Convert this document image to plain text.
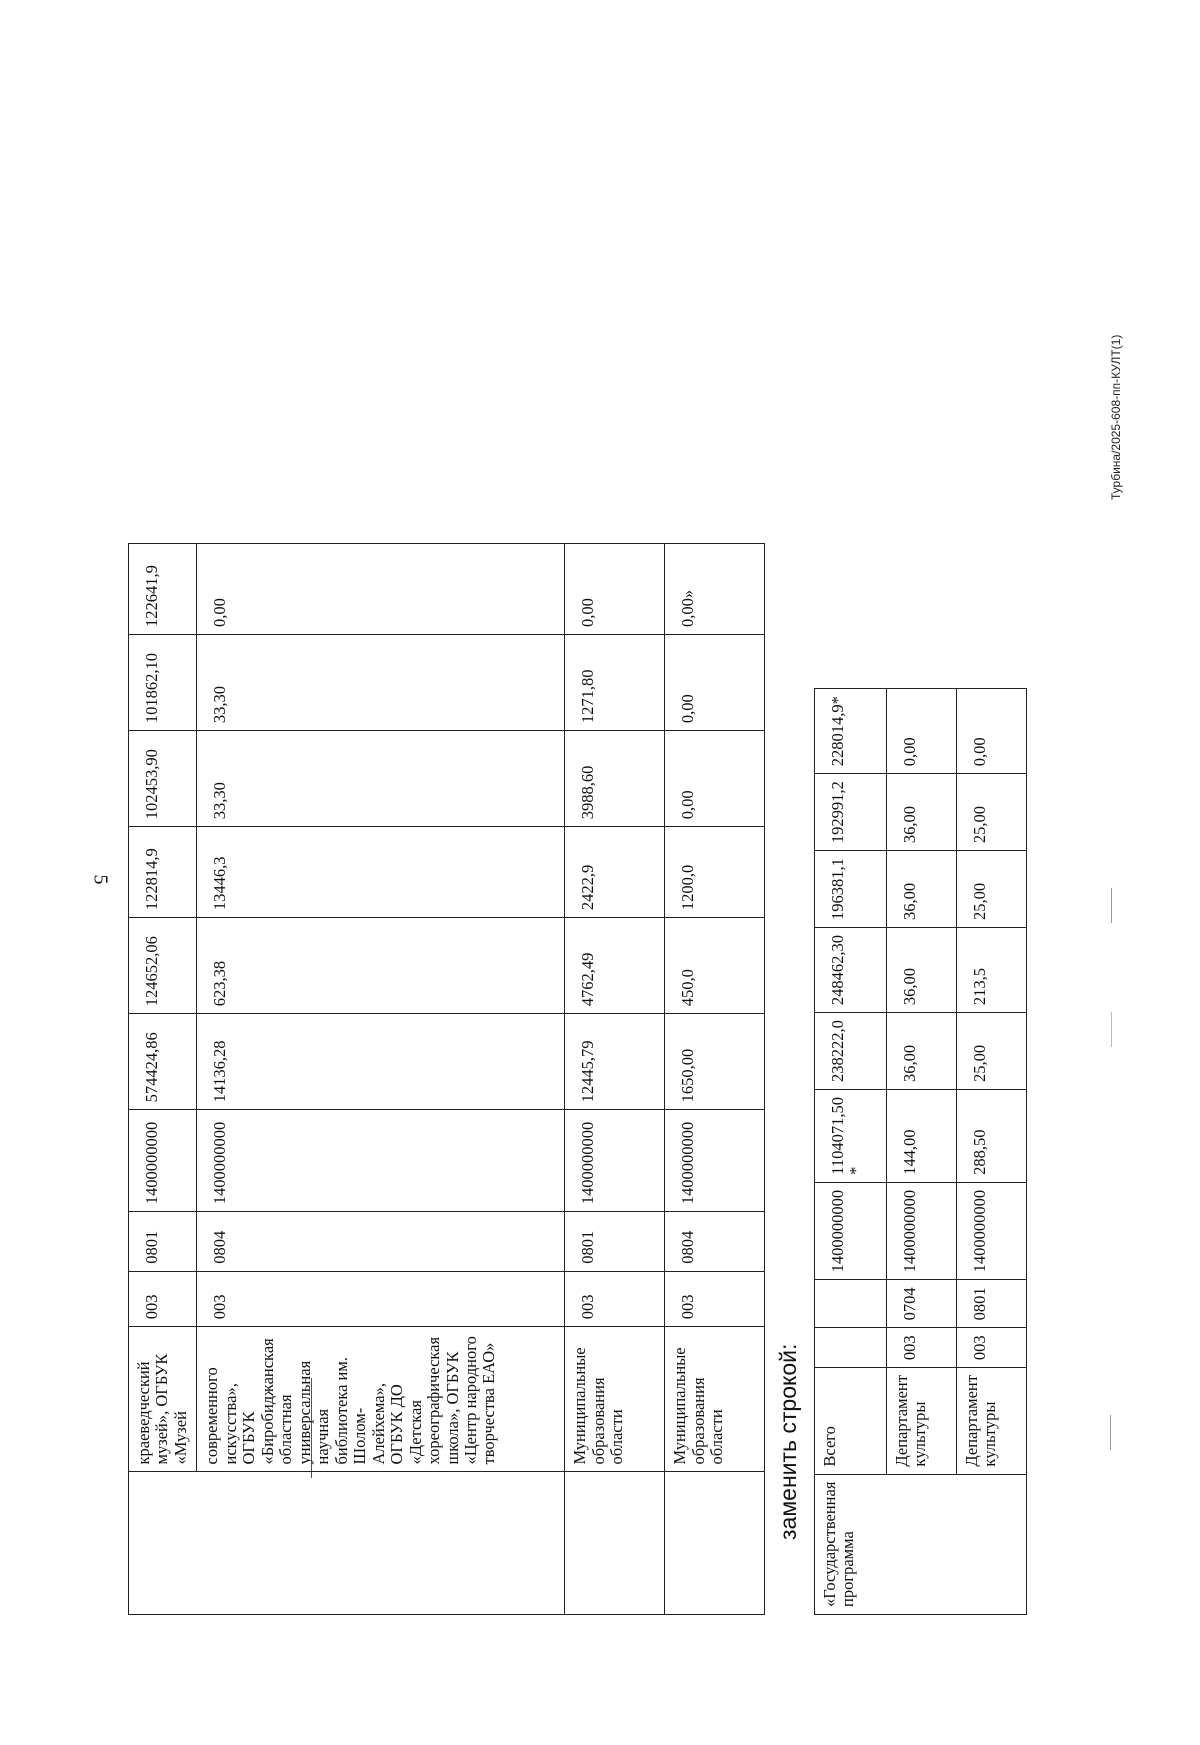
5
Турбина/2025-608-пп-КУЛТ(1)
	краеведческий музей», ОГБУК «Музей	003	0801	1400000000	574424,86	124652,06	122814,9	102453,90	101862,10	122641,9
	современного искусства», ОГБУК «Биробиджанская областная универсальная научная библиотека им. Шолом-Алейхема», ОГБУК ДО «Детская хореографическая школа», ОГБУК «Центр народного творчества ЕАО»	003	0804	1400000000	14136,28	623,38	13446,3	33,30	33,30	0,00
	Муниципальные образования области	003	0801	1400000000	12445,79	4762,49	2422,9	3988,60	1271,80	0,00
	Муниципальные образования области	003	0804	1400000000	1650,00	450,0	1200,0	0,00	0,00	0,00»
заменить строкой:
«Государственная программа	Всего			1400000000	1104071,50 *	238222,0	248462,30	196381,1	192991,2	228014,9*
	Департамент культуры	003	0704	1400000000	144,00	36,00	36,00	36,00	36,00	0,00
	Департамент культуры	003	0801	1400000000	288,50	25,00	213,5	25,00	25,00	0,00
